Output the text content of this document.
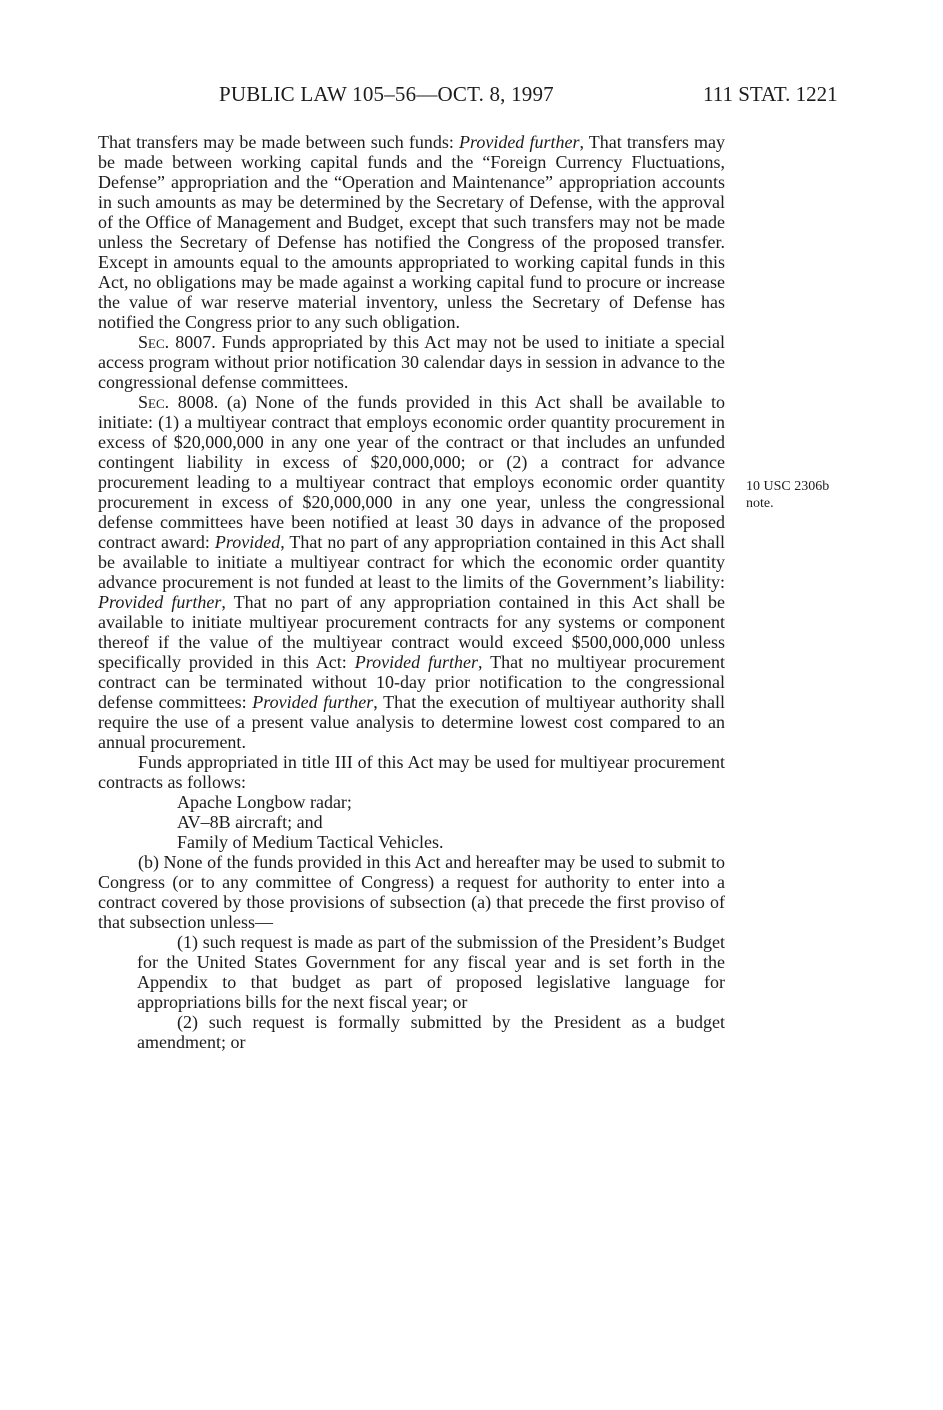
PUBLIC LAW 105–56—OCT. 8, 1997	111 STAT. 1221

That transfers may be made between such funds: Provided further, That transfers may be made between working capital funds and the “Foreign Currency Fluctuations, Defense” appropriation and the “Operation and Maintenance” appropriation accounts in such amounts as may be determined by the Secretary of Defense, with the approval of the Office of Management and Budget, except that such transfers may not be made unless the Secretary of Defense has notified the Congress of the proposed transfer. Except in amounts equal to the amounts appropriated to working capital funds in this Act, no obligations may be made against a working capital fund to procure or increase the value of war reserve material inventory, unless the Secretary of Defense has notified the Congress prior to any such obligation.

Sec. 8007. Funds appropriated by this Act may not be used to initiate a special access program without prior notification 30 calendar days in session in advance to the congressional defense committees.

Sec. 8008. (a) None of the funds provided in this Act shall be available to initiate: (1) a multiyear contract that employs economic order quantity procurement in excess of $20,000,000 in any one year of the contract or that includes an unfunded contingent liability in excess of $20,000,000; or (2) a contract for advance procurement leading to a multiyear contract that employs economic order quantity procurement in excess of $20,000,000 in any one year, unless the congressional defense committees have been notified at least 30 days in advance of the proposed contract award: Provided, That no part of any appropriation contained in this Act shall be available to initiate a multiyear contract for which the economic order quantity advance procurement is not funded at least to the limits of the Government’s liability: Provided further, That no part of any appropriation contained in this Act shall be available to initiate multiyear procurement contracts for any systems or component thereof if the value of the multiyear contract would exceed $500,000,000 unless specifically provided in this Act: Provided further, That no multiyear procurement contract can be terminated without 10-day prior notification to the congressional defense committees: Provided further, That the execution of multiyear authority shall require the use of a present value analysis to determine lowest cost compared to an annual procurement.

Funds appropriated in title III of this Act may be used for multiyear procurement contracts as follows:

Apache Longbow radar;

AV–8B aircraft; and

Family of Medium Tactical Vehicles.

(b) None of the funds provided in this Act and hereafter may be used to submit to Congress (or to any committee of Congress) a request for authority to enter into a contract covered by those provisions of subsection (a) that precede the first proviso of that subsection unless—

(1) such request is made as part of the submission of the President’s Budget for the United States Government for any fiscal year and is set forth in the Appendix to that budget as part of proposed legislative language for appropriations bills for the next fiscal year; or

(2) such request is formally submitted by the President as a budget amendment; or

10 USC 2306b
note.
